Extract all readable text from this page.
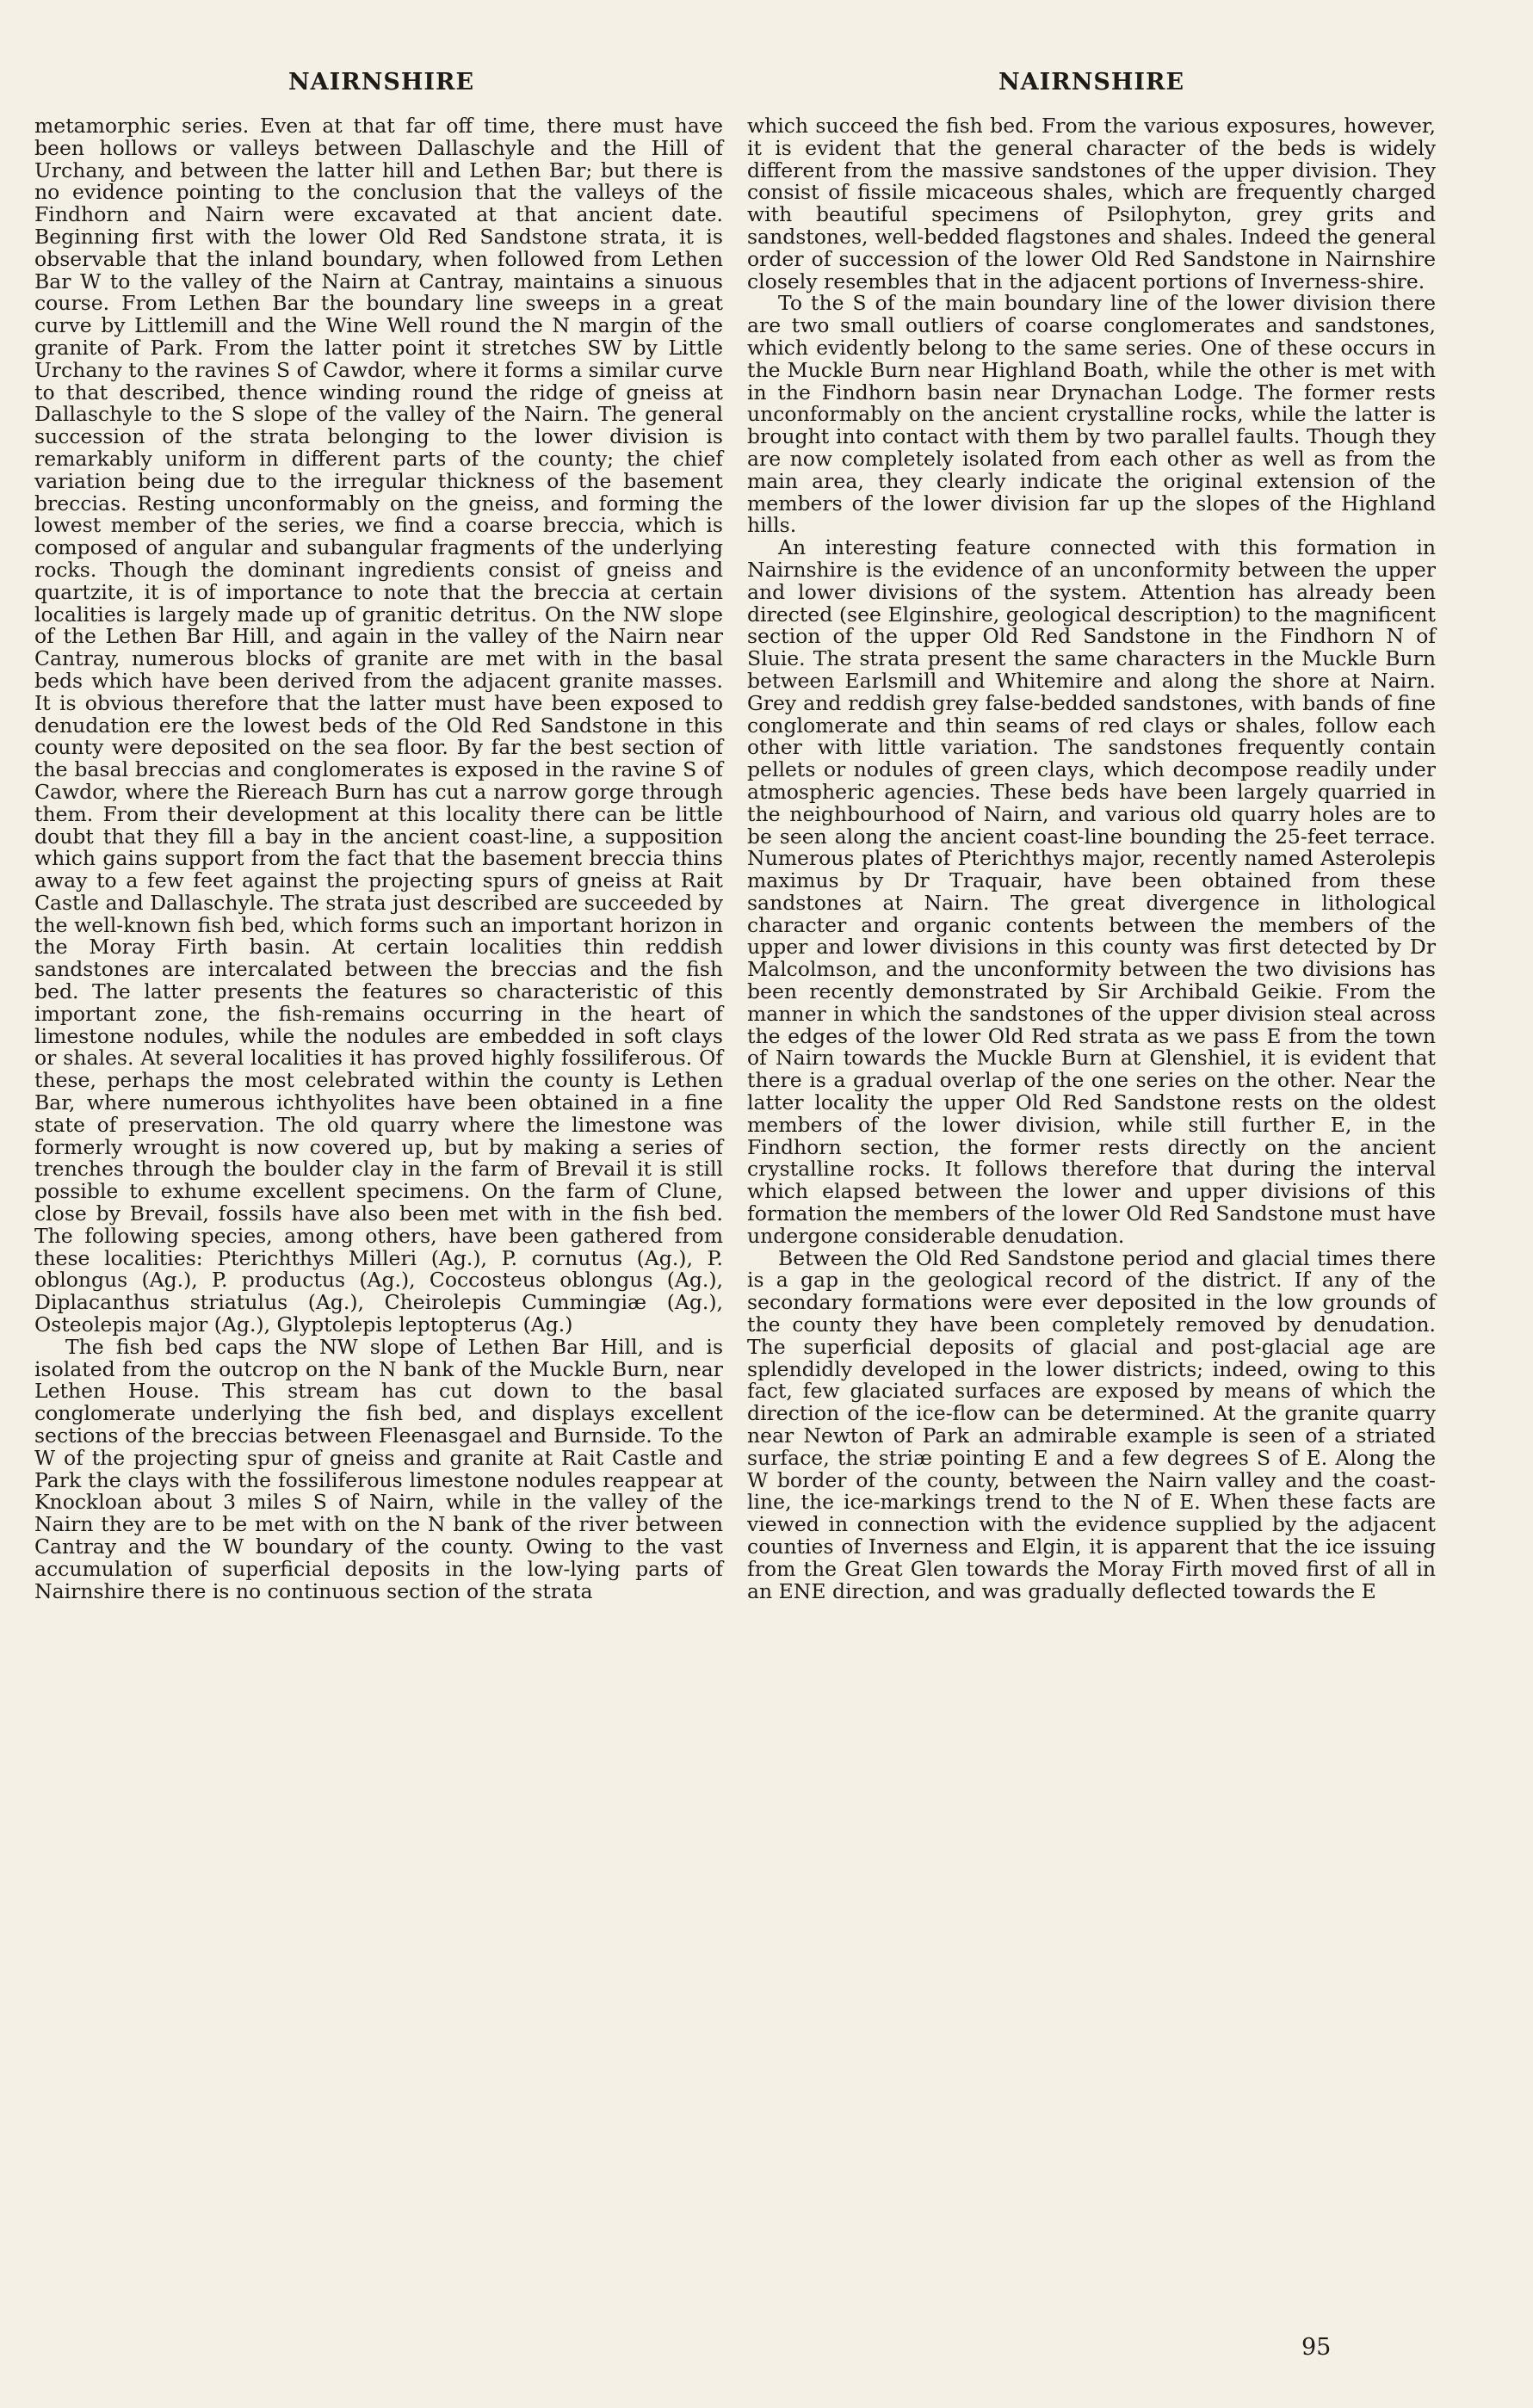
NAIRNSHIRE	NAIRNSHIRE

metamorphic series. Even at that far off time, there must have been hollows or valleys between Dallaschyle and the Hill of Urchany, and between the latter hill and Lethen Bar; but there is no evidence pointing to the conclusion that the valleys of the Findhorn and Nairn were excavated at that ancient date. Beginning first with the lower Old Red Sandstone strata, it is observable that the inland boundary, when followed from Lethen Bar W to the valley of the Nairn at Cantray, maintains a sinuous course. From Lethen Bar the boundary line sweeps in a great curve by Littlemill and the Wine Well round the N margin of the granite of Park. From the latter point it stretches SW by Little Urchany to the ravines S of Cawdor, where it forms a similar curve to that described, thence winding round the ridge of gneiss at Dallaschyle to the S slope of the valley of the Nairn. The general succession of the strata belonging to the lower division is remarkably uniform in different parts of the county; the chief variation being due to the irregular thickness of the basement breccias. Resting unconformably on the gneiss, and forming the lowest member of the series, we find a coarse breccia, which is composed of angular and subangular fragments of the underlying rocks. Though the dominant ingredients consist of gneiss and quartzite, it is of importance to note that the breccia at certain localities is largely made up of granitic detritus. On the NW slope of the Lethen Bar Hill, and again in the valley of the Nairn near Cantray, numerous blocks of granite are met with in the basal beds which have been derived from the adjacent granite masses. It is obvious therefore that the latter must have been exposed to denudation ere the lowest beds of the Old Red Sandstone in this county were deposited on the sea floor. By far the best section of the basal breccias and conglomerates is exposed in the ravine S of Cawdor, where the Riereach Burn has cut a narrow gorge through them. From their development at this locality there can be little doubt that they fill a bay in the ancient coast-line, a supposition which gains support from the fact that the basement breccia thins away to a few feet against the projecting spurs of gneiss at Rait Castle and Dallaschyle. The strata just described are succeeded by the well-known fish bed, which forms such an important horizon in the Moray Firth basin. At certain localities thin reddish sandstones are intercalated between the breccias and the fish bed. The latter presents the features so characteristic of this important zone, the fish-remains occurring in the heart of limestone nodules, while the nodules are embedded in soft clays or shales. At several localities it has proved highly fossiliferous. Of these, perhaps the most celebrated within the county is Lethen Bar, where numerous ichthyolites have been obtained in a fine state of preservation. The old quarry where the limestone was formerly wrought is now covered up, but by making a series of trenches through the boulder clay in the farm of Brevail it is still possible to exhume excellent specimens. On the farm of Clune, close by Brevail, fossils have also been met with in the fish bed. The following species, among others, have been gathered from these localities: Pterichthys Milleri (Ag.), P. cornutus (Ag.), P. oblongus (Ag.), P. productus (Ag.), Coccosteus oblongus (Ag.), Diplacanthus striatulus (Ag.), Cheirolepis Cummingiæ (Ag.), Osteolepis major (Ag.), Glyptolepis leptopterus (Ag.)

The fish bed caps the NW slope of Lethen Bar Hill, and is isolated from the outcrop on the N bank of the Muckle Burn, near Lethen House. This stream has cut down to the basal conglomerate underlying the fish bed, and displays excellent sections of the breccias between Fleenasgael and Burnside. To the W of the projecting spur of gneiss and granite at Rait Castle and Park the clays with the fossiliferous limestone nodules reappear at Knockloan about 3 miles S of Nairn, while in the valley of the Nairn they are to be met with on the N bank of the river between Cantray and the W boundary of the county. Owing to the vast accumulation of superficial deposits in the low-lying parts of Nairnshire there is no continuous section of the strata

which succeed the fish bed. From the various exposures, however, it is evident that the general character of the beds is widely different from the massive sandstones of the upper division. They consist of fissile micaceous shales, which are frequently charged with beautiful specimens of Psilophyton, grey grits and sandstones, well-bedded flagstones and shales. Indeed the general order of succession of the lower Old Red Sandstone in Nairnshire closely resembles that in the adjacent portions of Inverness-shire.

To the S of the main boundary line of the lower division there are two small outliers of coarse conglomerates and sandstones, which evidently belong to the same series. One of these occurs in the Muckle Burn near Highland Boath, while the other is met with in the Findhorn basin near Drynachan Lodge. The former rests unconformably on the ancient crystalline rocks, while the latter is brought into contact with them by two parallel faults. Though they are now completely isolated from each other as well as from the main area, they clearly indicate the original extension of the members of the lower division far up the slopes of the Highland hills.

An interesting feature connected with this formation in Nairnshire is the evidence of an unconformity between the upper and lower divisions of the system. Attention has already been directed (see Elginshire, geological description) to the magnificent section of the upper Old Red Sandstone in the Findhorn N of Sluie. The strata present the same characters in the Muckle Burn between Earlsmill and Whitemire and along the shore at Nairn. Grey and reddish grey false-bedded sandstones, with bands of fine conglomerate and thin seams of red clays or shales, follow each other with little variation. The sandstones frequently contain pellets or nodules of green clays, which decompose readily under atmospheric agencies. These beds have been largely quarried in the neighbourhood of Nairn, and various old quarry holes are to be seen along the ancient coast-line bounding the 25-feet terrace. Numerous plates of Pterichthys major, recently named Asterolepis maximus by Dr Traquair, have been obtained from these sandstones at Nairn. The great divergence in lithological character and organic contents between the members of the upper and lower divisions in this county was first detected by Dr Malcolmson, and the unconformity between the two divisions has been recently demonstrated by Sir Archibald Geikie. From the manner in which the sandstones of the upper division steal across the edges of the lower Old Red strata as we pass E from the town of Nairn towards the Muckle Burn at Glenshiel, it is evident that there is a gradual overlap of the one series on the other. Near the latter locality the upper Old Red Sandstone rests on the oldest members of the lower division, while still further E, in the Findhorn section, the former rests directly on the ancient crystalline rocks. It follows therefore that during the interval which elapsed between the lower and upper divisions of this formation the members of the lower Old Red Sandstone must have undergone considerable denudation.

Between the Old Red Sandstone period and glacial times there is a gap in the geological record of the district. If any of the secondary formations were ever deposited in the low grounds of the county they have been completely removed by denudation. The superficial deposits of glacial and post-glacial age are splendidly developed in the lower districts; indeed, owing to this fact, few glaciated surfaces are exposed by means of which the direction of the ice-flow can be determined. At the granite quarry near Newton of Park an admirable example is seen of a striated surface, the striæ pointing E and a few degrees S of E. Along the W border of the county, between the Nairn valley and the coast-line, the ice-markings trend to the N of E. When these facts are viewed in connection with the evidence supplied by the adjacent counties of Inverness and Elgin, it is apparent that the ice issuing from the Great Glen towards the Moray Firth moved first of all in an ENE direction, and was gradually deflected towards the E

95
